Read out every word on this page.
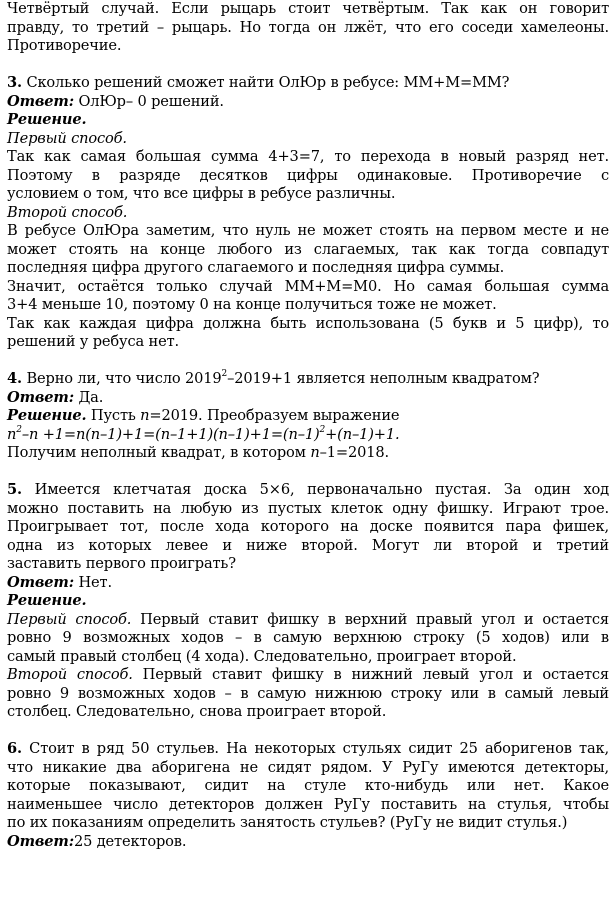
Четвёртый случай. Если рыцарь стоит четвёртым. Так как он говорит
правду, то третий – рыцарь. Но тогда он лжёт, что его соседи хамелеоны.
Противоречие.
3. Сколько решений сможет найти ОлЮр в ребусе: ММ+М=ММ?
Ответ: ОлЮр– 0 решений.
Решение.
Первый способ.
Так как самая большая сумма 4+3=7, то перехода в новый разряд нет.
Поэтому в разряде десятков цифры одинаковые. Противоречие с
условием о том, что все цифры в ребусе различны.
Второй способ.
В ребусе ОлЮра заметим, что нуль не может стоять на первом месте и не
может стоять на конце любого из слагаемых, так как тогда совпадут
последняя цифра другого слагаемого и последняя цифра суммы.
Значит, остаётся только случай ММ+М=М0. Но самая большая сумма
3+4 меньше 10, поэтому 0 на конце получиться тоже не может.
Так как каждая цифра должна быть использована (5 букв и 5 цифр), то
решений у ребуса нет.
4. Верно ли, что число $2019^2-2019+1$ является неполным квадратом?
Ответ: Да.
Решение. Пусть n=2019. Преобразуем выражение
$n^2-n +1=n(n-1)+1=(n-1+1)(n-1)+1=(n-1)^2+(n-1)+1$.
Получим неполный квадрат, в котором n–1=2018.
5. Имеется клетчатая доска 5×6, первоначально пустая. За один ход
можно поставить на любую из пустых клеток одну фишку. Играют трое.
Проигрывает тот, после хода которого на доске появится пара фишек,
одна из которых левее и ниже второй. Могут ли второй и третий
заставить первого проиграть?
Ответ: Нет.
Решение.
Первый способ. Первый ставит фишку в верхний правый угол и остается
ровно 9 возможных ходов – в самую верхнюю строку (5 ходов) или в
самый правый столбец (4 хода). Следовательно, проиграет второй.
Второй способ. Первый ставит фишку в нижний левый угол и остается
ровно 9 возможных ходов – в самую нижнюю строку или в самый левый
столбец. Следовательно, снова проиграет второй.
6. Стоит в ряд 50 стульев. На некоторых стульях сидит 25 аборигенов так,
что никакие два аборигена не сидят рядом. У РуГу имеются детекторы,
которые показывают, сидит на стуле кто-нибудь или нет. Какое
наименьшее число детекторов должен РуГу поставить на стулья, чтобы
по их показаниям определить занятость стульев? (РуГу не видит стулья.)
Ответ:25 детекторов.
